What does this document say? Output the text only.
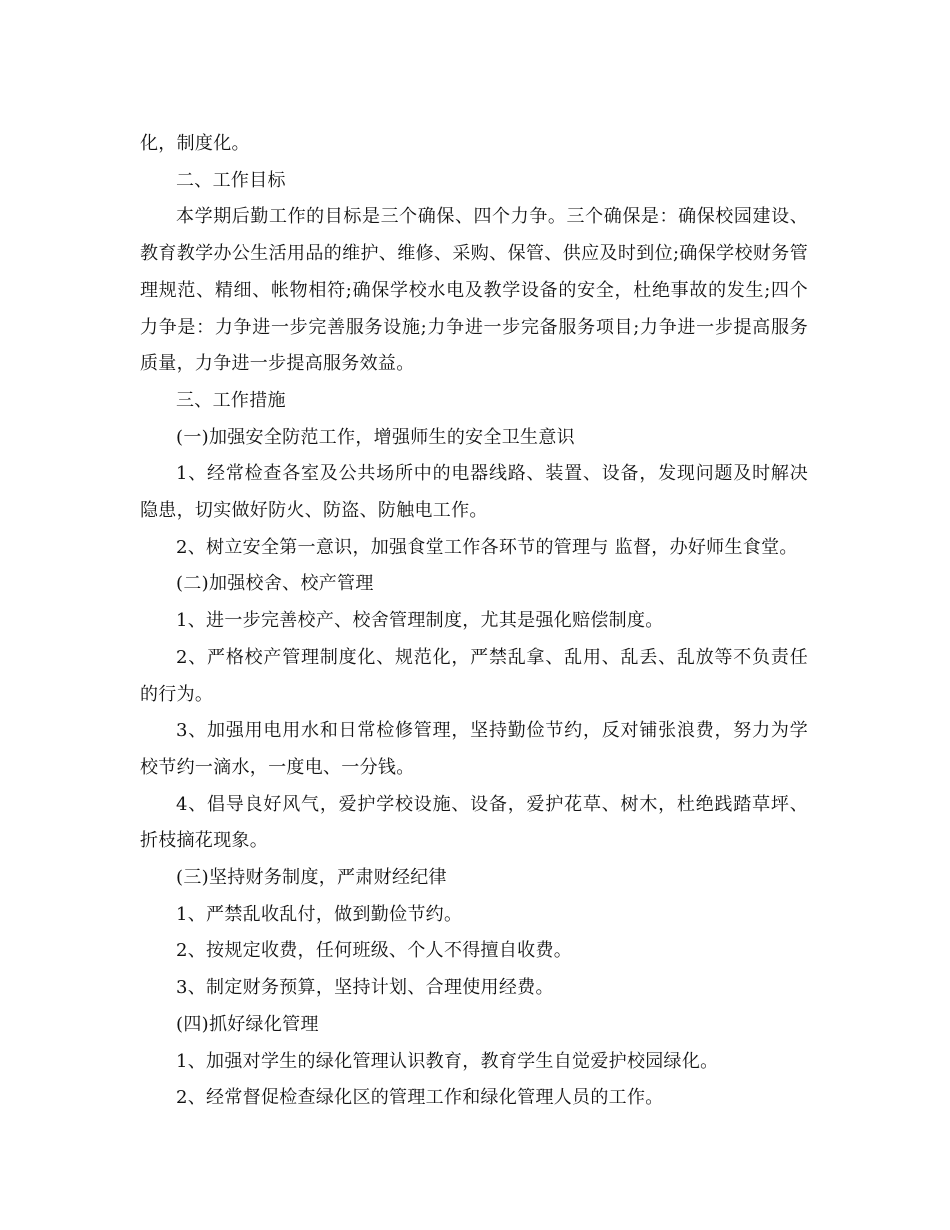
化，制度化。

二、工作目标

本学期后勤工作的目标是三个确保、四个力争。三个确保是：确保校园建设、教育教学办公生活用品的维护、维修、采购、保管、供应及时到位;确保学校财务管理规范、精细、帐物相符;确保学校水电及教学设备的安全，杜绝事故的发生;四个力争是：力争进一步完善服务设施;力争进一步完备服务项目;力争进一步提高服务质量，力争进一步提高服务效益。

三、工作措施

(一)加强安全防范工作，增强师生的安全卫生意识

1、经常检查各室及公共场所中的电器线路、装置、设备，发现问题及时解决隐患，切实做好防火、防盗、防触电工作。

2、树立安全第一意识，加强食堂工作各环节的管理与 监督，办好师生食堂。

(二)加强校舍、校产管理

1、进一步完善校产、校舍管理制度，尤其是强化赔偿制度。

2、严格校产管理制度化、规范化，严禁乱拿、乱用、乱丢、乱放等不负责任的行为。

3、加强用电用水和日常检修管理，坚持勤俭节约，反对铺张浪费，努力为学校节约一滴水，一度电、一分钱。

4、倡导良好风气，爱护学校设施、设备，爱护花草、树木，杜绝践踏草坪、折枝摘花现象。

(三)坚持财务制度，严肃财经纪律

1、严禁乱收乱付，做到勤俭节约。

2、按规定收费，任何班级、个人不得擅自收费。

3、制定财务预算，坚持计划、合理使用经费。

(四)抓好绿化管理

1、加强对学生的绿化管理认识教育，教育学生自觉爱护校园绿化。

2、经常督促检查绿化区的管理工作和绿化管理人员的工作。
